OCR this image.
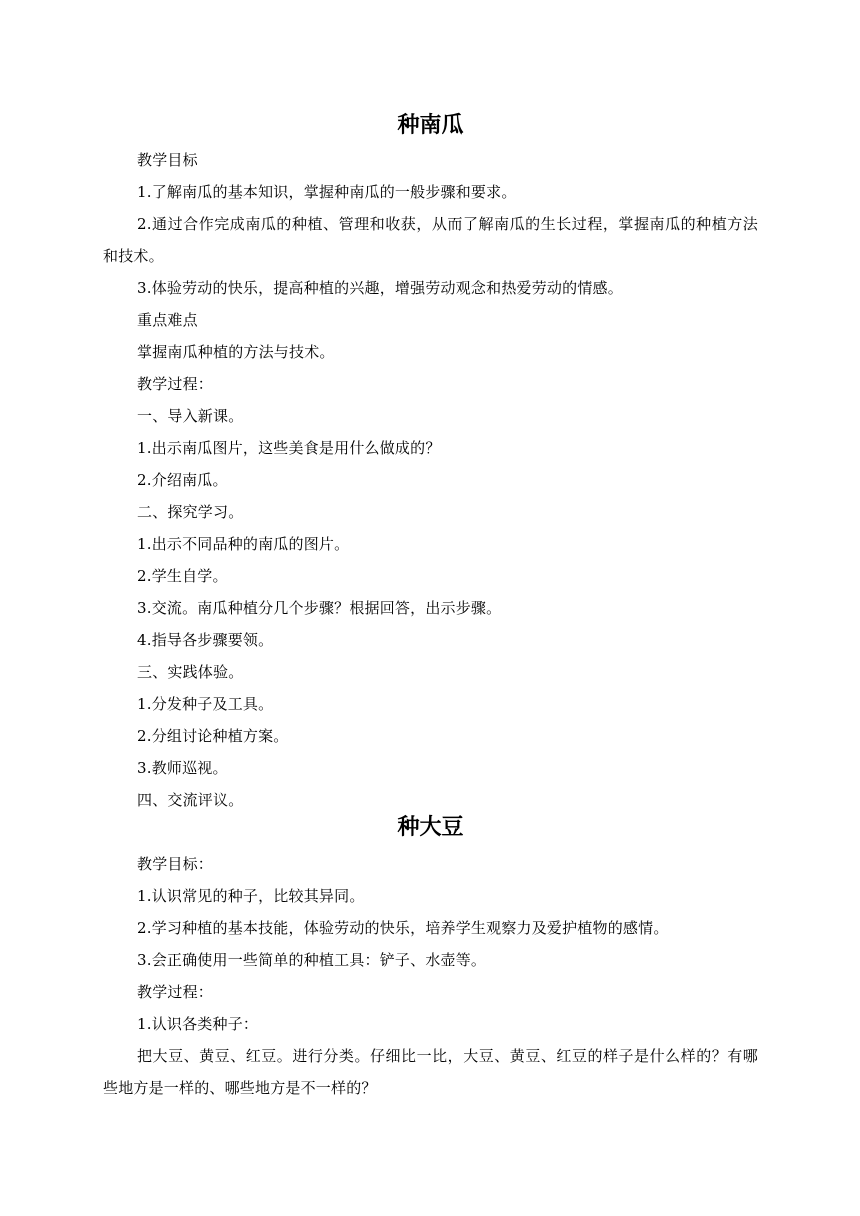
种南瓜

教学目标

1.了解南瓜的基本知识，掌握种南瓜的一般步骤和要求。

2.通过合作完成南瓜的种植、管理和收获，从而了解南瓜的生长过程，掌握南瓜的种植方法和技术。

3.体验劳动的快乐，提高种植的兴趣，增强劳动观念和热爱劳动的情感。

重点难点

掌握南瓜种植的方法与技术。

教学过程：

一、导入新课。

1.出示南瓜图片，这些美食是用什么做成的？

2.介绍南瓜。

二、探究学习。

1.出示不同品种的南瓜的图片。

2.学生自学。

3.交流。南瓜种植分几个步骤？根据回答，出示步骤。

4.指导各步骤要领。

三、实践体验。

1.分发种子及工具。

2.分组讨论种植方案。

3.教师巡视。

四、交流评议。

种大豆

教学目标：

1.认识常见的种子，比较其异同。

2.学习种植的基本技能，体验劳动的快乐，培养学生观察力及爱护植物的感情。

3.会正确使用一些简单的种植工具：铲子、水壶等。

教学过程：

1.认识各类种子：

把大豆、黄豆、红豆。进行分类。仔细比一比，大豆、黄豆、红豆的样子是什么样的？有哪些地方是一样的、哪些地方是不一样的？
